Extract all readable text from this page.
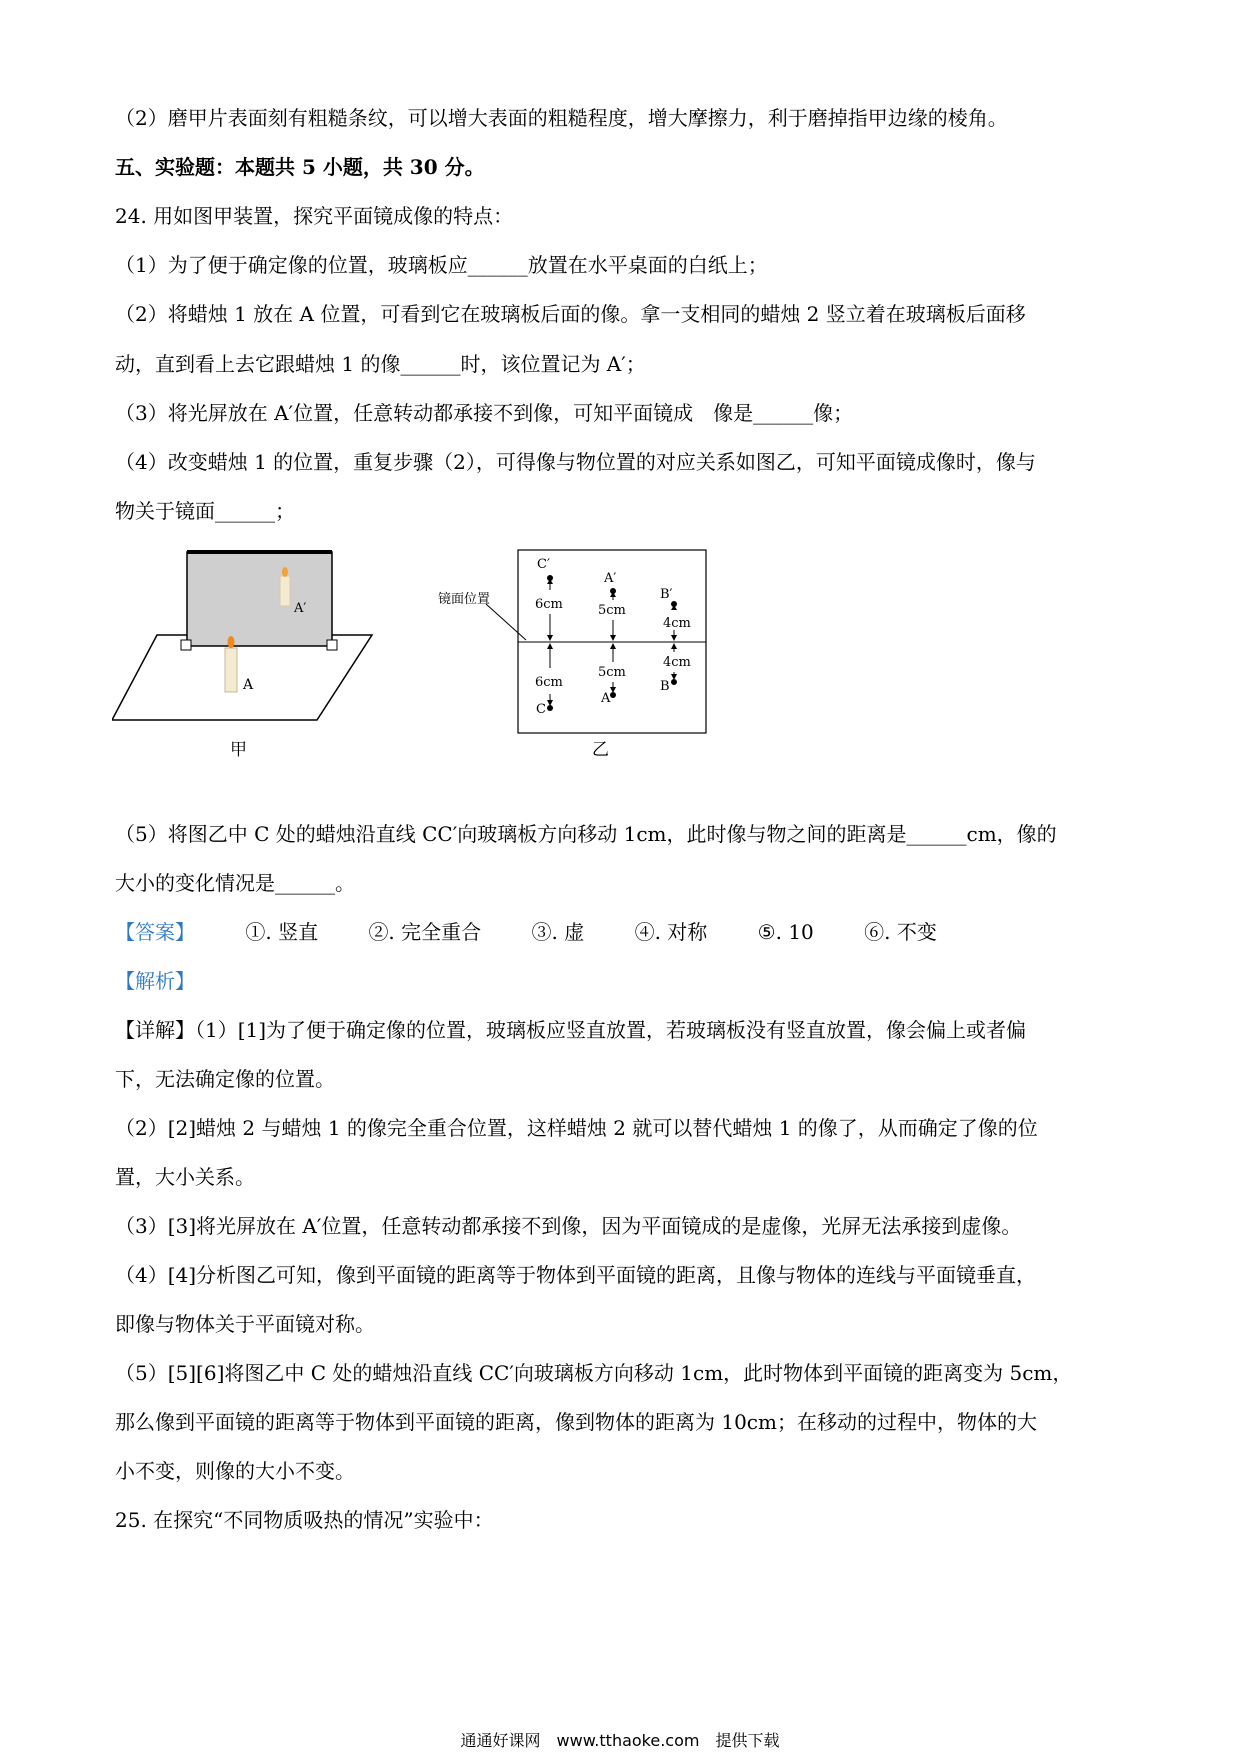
（2）磨甲片表面刻有粗糙条纹，可以增大表面的粗糙程度，增大摩擦力，利于磨掉指甲边缘的棱角。
五、实验题：本题共 5 小题，共 30 分。
24. 用如图甲装置，探究平面镜成像的特点：
（1）为了便于确定像的位置，玻璃板应______放置在水平桌面的白纸上；
（2）将蜡烛 1 放在 A 位置，可看到它在玻璃板后面的像。拿一支相同的蜡烛 2 竖立着在玻璃板后面移
动，直到看上去它跟蜡烛 1 的像______时，该位置记为 A′；
（3）将光屏放在 A′位置，任意转动都承接不到像，可知平面镜成　像是______像；
（4）改变蜡烛 1 的位置，重复步骤（2），可得像与物位置的对应关系如图乙，可知平面镜成像时，像与
物关于镜面______；
A′
A
甲
镜面位置
C′
C
6cm
6cm
A′
A
5cm
5cm
B′
B
4cm
4cm
乙
（5）将图乙中 C 处的蜡烛沿直线 CC′向玻璃板方向移动 1cm，此时像与物之间的距离是______cm，像的
大小的变化情况是______。
【答案】	①. 竖直	②. 完全重合	③. 虚	④. 对称	⑤. 10	⑥. 不变
【解析】
【详解】（1）[1]为了便于确定像的位置，玻璃板应竖直放置，若玻璃板没有竖直放置，像会偏上或者偏
下，无法确定像的位置。
（2）[2]蜡烛 2 与蜡烛 1 的像完全重合位置，这样蜡烛 2 就可以替代蜡烛 1 的像了，从而确定了像的位
置，大小关系。
（3）[3]将光屏放在 A′位置，任意转动都承接不到像，因为平面镜成的是虚像，光屏无法承接到虚像。
（4）[4]分析图乙可知，像到平面镜的距离等于物体到平面镜的距离，且像与物体的连线与平面镜垂直，
即像与物体关于平面镜对称。
（5）[5][6]将图乙中 C 处的蜡烛沿直线 CC′向玻璃板方向移动 1cm，此时物体到平面镜的距离变为 5cm，
那么像到平面镜的距离等于物体到平面镜的距离，像到物体的距离为 10cm；在移动的过程中，物体的大
小不变，则像的大小不变。
25. 在探究“不同物质吸热的情况”实验中：
通通好课网　www.tthaoke.com　提供下载
